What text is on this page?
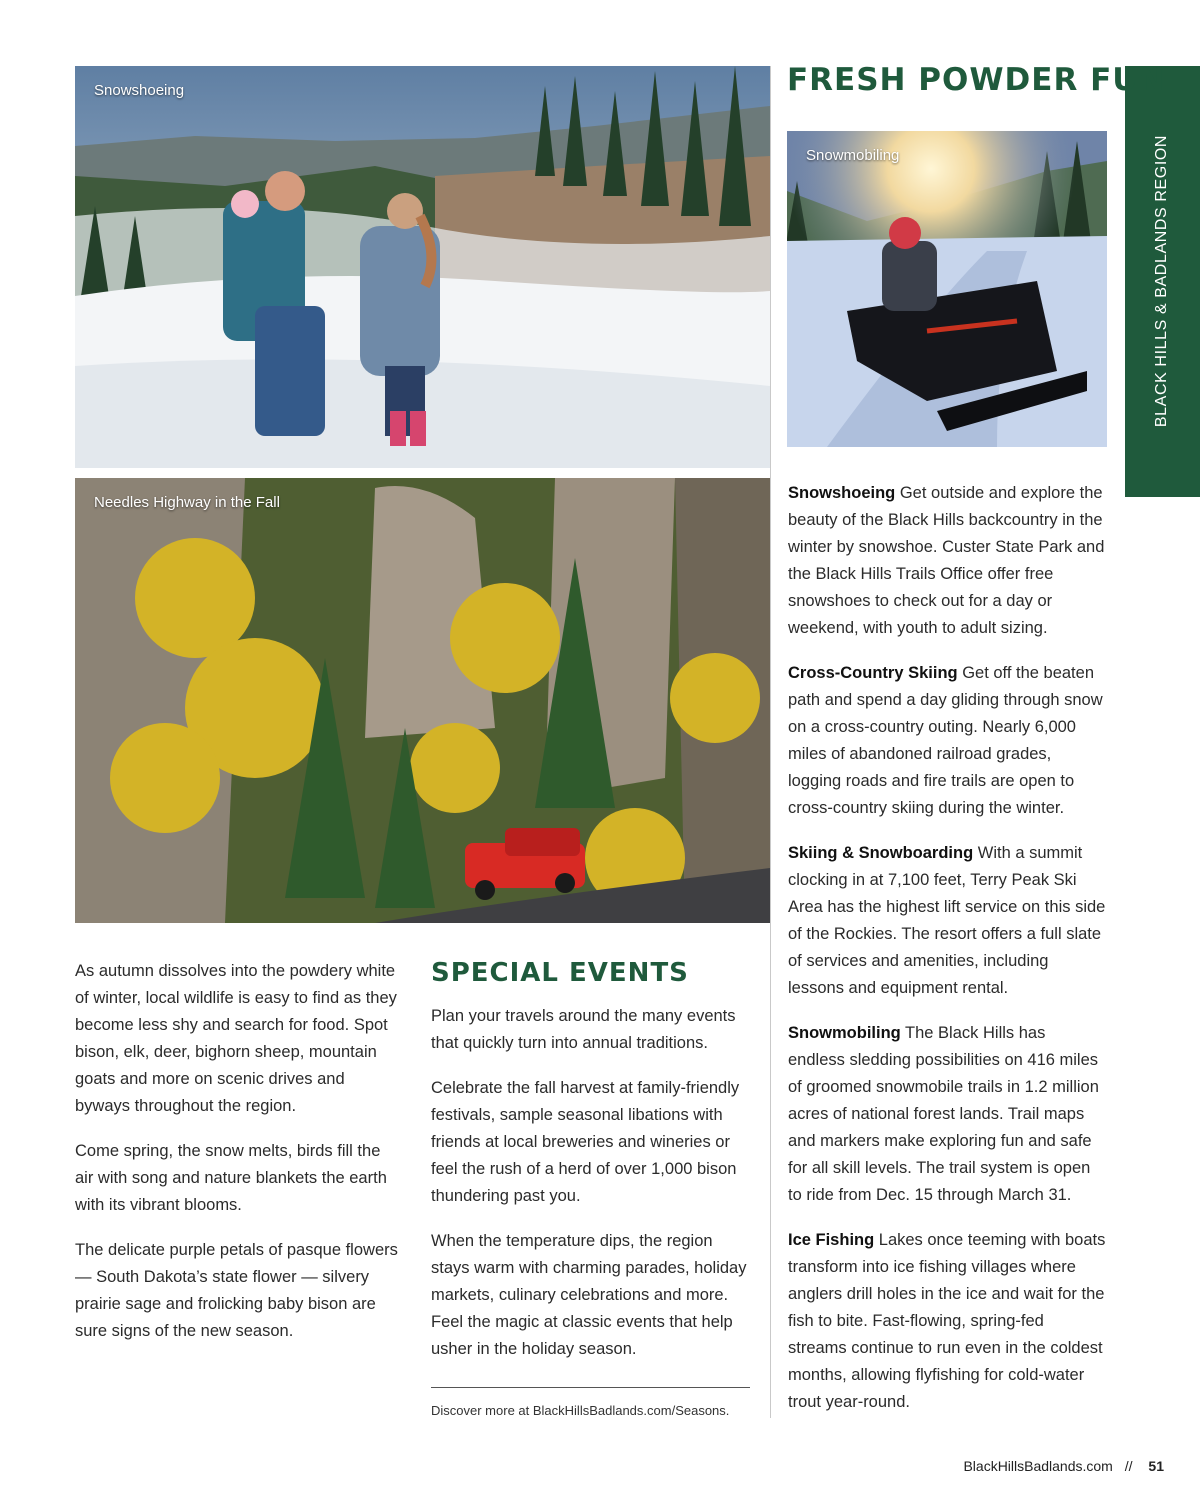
Snowshoeing
Needles Highway in the Fall
Snowmobiling	BLACK HILLS & BADLANDS REGION
FRESH POWDER FUN

Snowshoeing Get outside and explore the beauty of the Black Hills backcountry in the winter by snowshoe. Custer State Park and the Black Hills Trails Office offer free snowshoes to check out for a day or weekend, with youth to adult sizing.

Cross-Country Skiing Get off the beaten path and spend a day gliding through snow on a cross-country outing. Nearly 6,000 miles of abandoned railroad grades, logging roads and fire trails are open to cross-country skiing during the winter.

Skiing & Snowboarding With a summit clocking in at 7,100 feet, Terry Peak Ski Area has the highest lift service on this side of the Rockies. The resort offers a full slate of services and amenities, including lessons and equipment rental.

Snowmobiling The Black Hills has endless sledding possibilities on 416 miles of groomed snowmobile trails in 1.2 million acres of national forest lands. Trail maps and markers make exploring fun and safe for all skill levels. The trail system is open to ride from Dec. 15 through March 31.

Ice Fishing Lakes once teeming with boats transform into ice fishing villages where anglers drill holes in the ice and wait for the fish to bite. Fast-flowing, spring-fed streams continue to run even in the coldest months, allowing flyfishing for cold-water trout year-round.

As autumn dissolves into the powdery white of winter, local wildlife is easy to find as they become less shy and search for food. Spot bison, elk, deer, bighorn sheep, mountain goats and more on scenic drives and byways throughout the region.

Come spring, the snow melts, birds fill the air with song and nature blankets the earth with its vibrant blooms.

The delicate purple petals of pasque flowers — South Dakota’s state flower — silvery prairie sage and frolicking baby bison are sure signs of the new season.

SPECIAL EVENTS

Plan your travels around the many events that quickly turn into annual traditions.

Celebrate the fall harvest at family-friendly festivals, sample seasonal libations with friends at local breweries and wineries or feel the rush of a herd of over 1,000 bison thundering past you.

When the temperature dips, the region stays warm with charming parades, holiday markets, culinary celebrations and more. Feel the magic at classic events that help usher in the holiday season.

Discover more at BlackHillsBadlands.com/Seasons.
BlackHillsBadlands.com // 51
